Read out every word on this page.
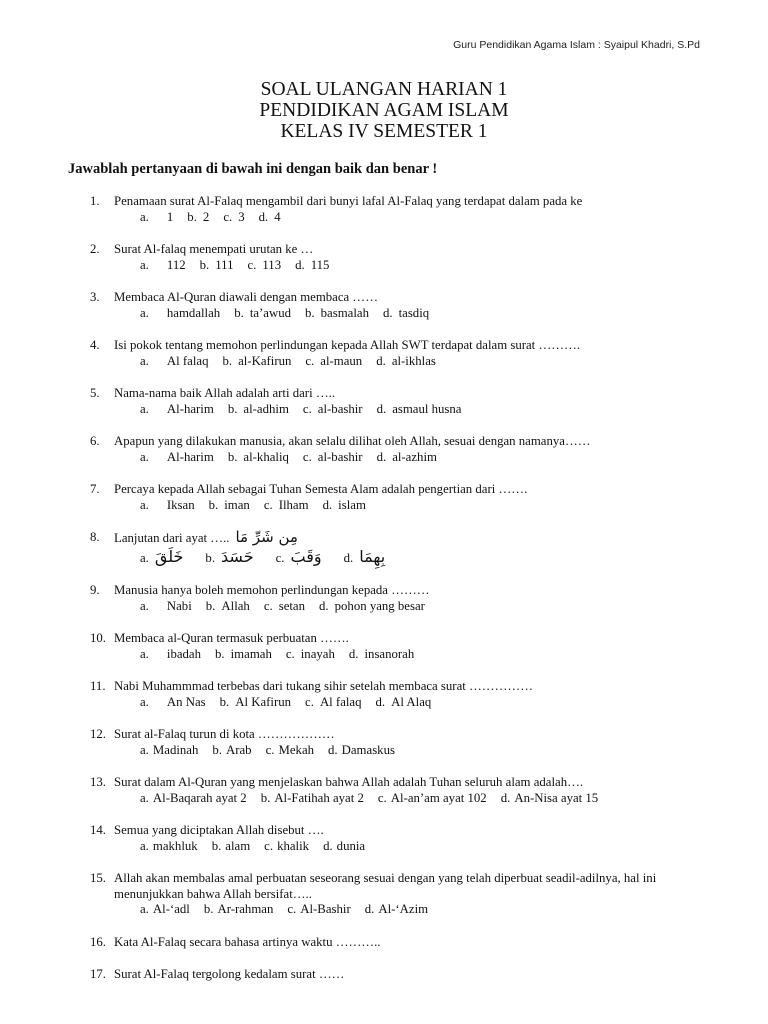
Guru Pendidikan Agama Islam : Syaipul Khadri, S.Pd
SOAL ULANGAN HARIAN 1
PENDIDIKAN AGAM ISLAM
KELAS IV SEMESTER 1
Jawablah pertanyaan di bawah ini dengan baik dan benar !
1. Penamaan surat Al-Falaq mengambil dari bunyi lafal Al-Falaq yang terdapat dalam pada ke
a. 1 b. 2 c. 3 d. 4
2. Surat Al-falaq menempati urutan ke …
a. 112 b. 111 c. 113 d. 115
3. Membaca Al-Quran diawali dengan membaca ……
a. hamdallah b. ta’awud b. basmalah d. tasdiq
4. Isi pokok tentang memohon perlindungan kepada Allah SWT terdapat dalam surat ……….
a. Al falaq b. al-Kafirun c. al-maun d. al-ikhlas
5. Nama-nama baik Allah adalah arti dari …..
a. Al-harim b. al-adhim c. al-bashir d. asmaul husna
6. Apapun yang dilakukan manusia, akan selalu dilihat oleh Allah, sesuai dengan namanya……
a. Al-harim b. al-khaliq c. al-bashir d. al-azhim
7. Percaya kepada Allah sebagai Tuhan Semesta Alam adalah pengertian dari …….
a. Iksan b. iman c. Ilham d. islam
8. Lanjutan dari ayat ….. مِن شَرِّ مَا
a. خَلَقَ b. حَسَدَ c. وَقَبَ d. بِهِمَا
9. Manusia hanya boleh memohon perlindungan kepada ………
a. Nabi b. Allah c. setan d. pohon yang besar
10. Membaca al-Quran termasuk perbuatan …….
a. ibadah b. imamah c. inayah d. insanorah
11. Nabi Muhammmad terbebas dari tukang sihir setelah membaca surat ……………
a. An Nas b. Al Kafirun c. Al falaq d. Al Alaq
12. Surat al-Falaq turun di kota ………………
a. Madinah b. Arab c. Mekah d. Damaskus
13. Surat dalam Al-Quran yang menjelaskan bahwa Allah adalah Tuhan seluruh alam adalah….
a. Al-Baqarah ayat 2 b. Al-Fatihah ayat 2 c. Al-an’am ayat 102 d. An-Nisa ayat 15
14. Semua yang diciptakan Allah disebut ….
a. makhluk b. alam c. khalik d. dunia
15. Allah akan membalas amal perbuatan seseorang sesuai dengan yang telah diperbuat seadil-adilnya, hal ini menunjukkan bahwa Allah bersifat…..
a. Al-‘adl b. Ar-rahman c. Al-Bashir d. Al-‘Azim
16. Kata Al-Falaq secara bahasa artinya waktu ………..
17. Surat Al-Falaq tergolong kedalam surat ……
